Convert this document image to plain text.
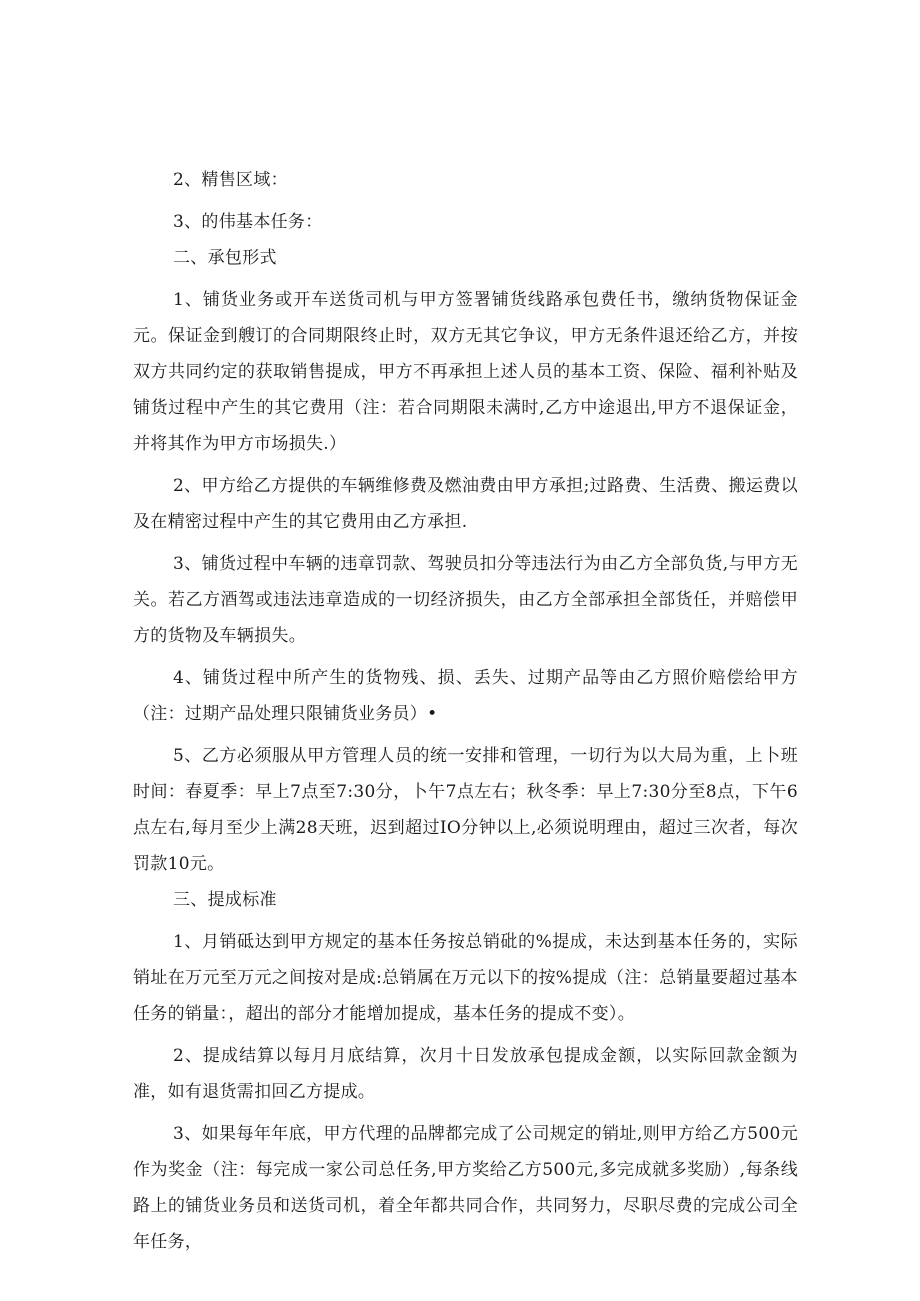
2、精售区域：

3、的伟基本任务：

二、承包形式

1、铺货业务或开车送货司机与甲方签署铺货线路承包费任书，缴纳货物保证金元。保证金到艘订的合同期限终止时，双方无其它争议，甲方无条件退还给乙方，并按双方共同约定的获取销售提成，甲方不再承担上述人员的基本工资、保险、福利补贴及铺货过程中产生的其它费用（注：若合同期限未满时,乙方中途退出,甲方不退保证金，并将其作为甲方市场损失.）

2、甲方给乙方提供的车辆维修费及燃油费由甲方承担;过路费、生活费、搬运费以及在精密过程中产生的其它费用由乙方承担.

3、铺货过程中车辆的违章罚款、驾驶员扣分等违法行为由乙方全部负货,与甲方无关。若乙方酒驾或违法违章造成的一切经济损失，由乙方全部承担全部货任，并赔偿甲方的货物及车辆损失。

4、铺货过程中所产生的货物残、损、丢失、过期产品等由乙方照价赔偿给甲方（注：过期产品处理只限铺货业务员）•

5、乙方必须服从甲方管理人员的统一安排和管理，一切行为以大局为重，上卜班时间：春夏季：早上7点至7:30分，卜午7点左右；秋冬季：早上7:30分至8点，下午6点左右,每月至少上满28天班，迟到超过IO分钟以上,必须说明理由，超过三次者，每次罚款10元。

三、提成标准

1、月销砥达到甲方规定的基本任务按总销砒的%提成，未达到基本任务的，实际销址在万元至万元之间按对是成:总销属在万元以下的按%提成（注：总销量要超过基本任务的销量：，超出的部分才能增加提成，基本任务的提成不变）。

2、提成结算以每月月底结算，次月十日发放承包提成金额，以实际回款金额为准，如有退货需扣回乙方提成。

3、如果每年年底，甲方代理的品牌都完成了公司规定的销址,则甲方给乙方500元作为奖金（注：每完成一家公司总任务,甲方奖给乙方500元,多完成就多奖励）,每条线路上的铺货业务员和送货司机，着全年都共同合作，共同努力，尽职尽费的完成公司全年任务，
